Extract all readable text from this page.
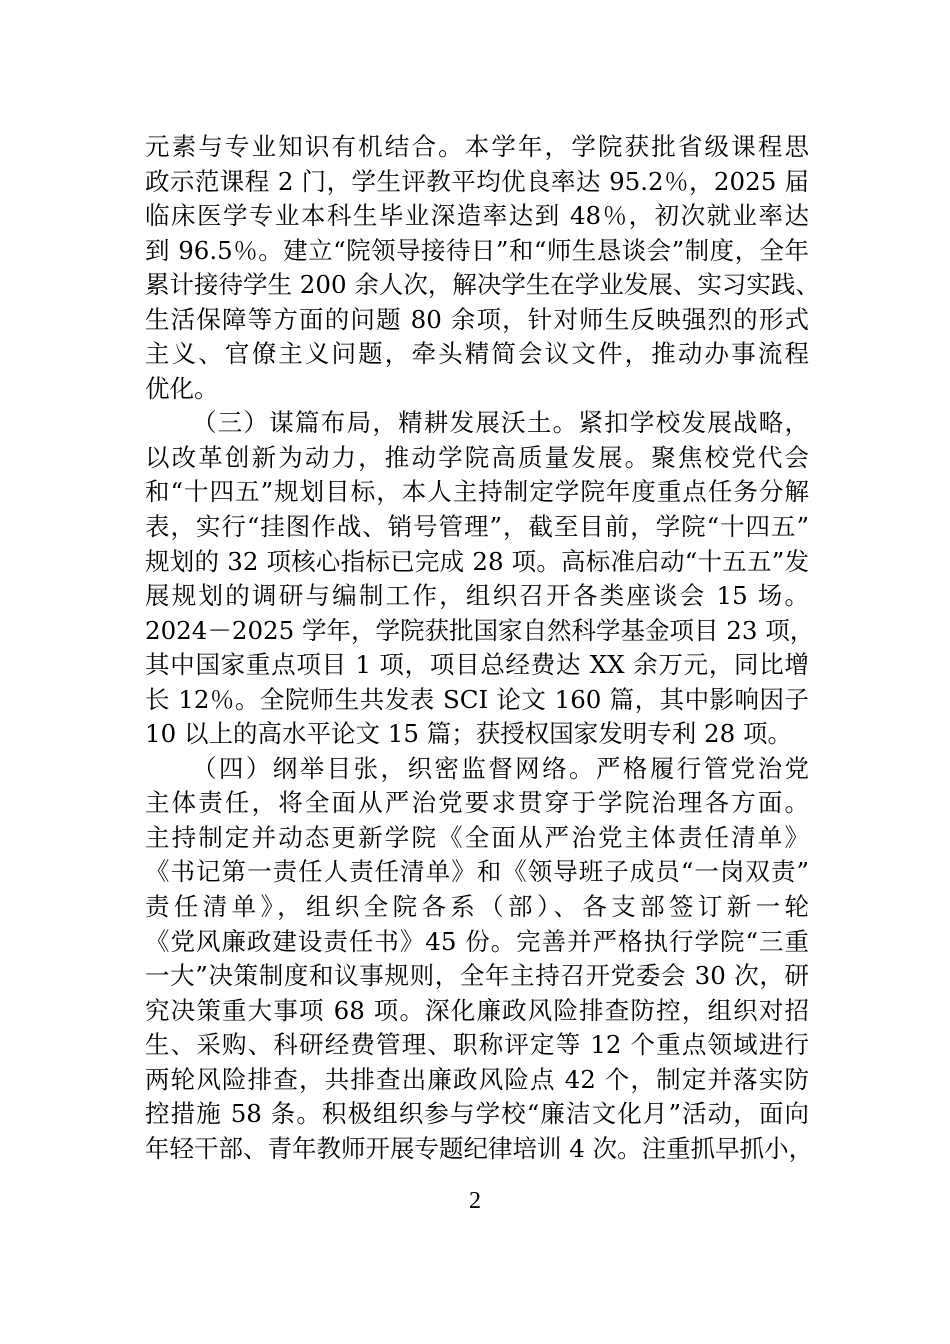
元素与专业知识有机结合。本学年，学院获批省级课程思
政示范课程 2 门，学生评教平均优良率达 95.2％，2025 届
临床医学专业本科生毕业深造率达到 48％，初次就业率达
到 96.5％。建立“院领导接待日”和“师生恳谈会”制度，全年
累计接待学生 200 余人次，解决学生在学业发展、实习实践、
生活保障等方面的问题 80 余项，针对师生反映强烈的形式
主义、官僚主义问题，牵头精简会议文件，推动办事流程
优化。
（三）谋篇布局，精耕发展沃土。紧扣学校发展战略，
以改革创新为动力，推动学院高质量发展。聚焦校党代会
和“十四五”规划目标，本人主持制定学院年度重点任务分解
表，实行“挂图作战、销号管理”，截至目前，学院“十四五”
规划的 32 项核心指标已完成 28 项。高标准启动“十五五”发
展规划的调研与编制工作，组织召开各类座谈会 15 场。
2024－2025 学年，学院获批国家自然科学基金项目 23 项，
其中国家重点项目 1 项，项目总经费达 XX 余万元，同比增
长 12％。全院师生共发表 SCI 论文 160 篇，其中影响因子
10 以上的高水平论文 15 篇；获授权国家发明专利 28 项。
（四）纲举目张，织密监督网络。严格履行管党治党
主体责任，将全面从严治党要求贯穿于学院治理各方面。
主持制定并动态更新学院《全面从严治党主体责任清单》
《书记第一责任人责任清单》和《领导班子成员“一岗双责”
责任清单》，组织全院各系（部）、各支部签订新一轮
《党风廉政建设责任书》45 份。完善并严格执行学院“三重
一大”决策制度和议事规则，全年主持召开党委会 30 次，研
究决策重大事项 68 项。深化廉政风险排查防控，组织对招
生、采购、科研经费管理、职称评定等 12 个重点领域进行
两轮风险排查，共排查出廉政风险点 42 个，制定并落实防
控措施 58 条。积极组织参与学校“廉洁文化月”活动，面向
年轻干部、青年教师开展专题纪律培训 4 次。注重抓早抓小，
2
